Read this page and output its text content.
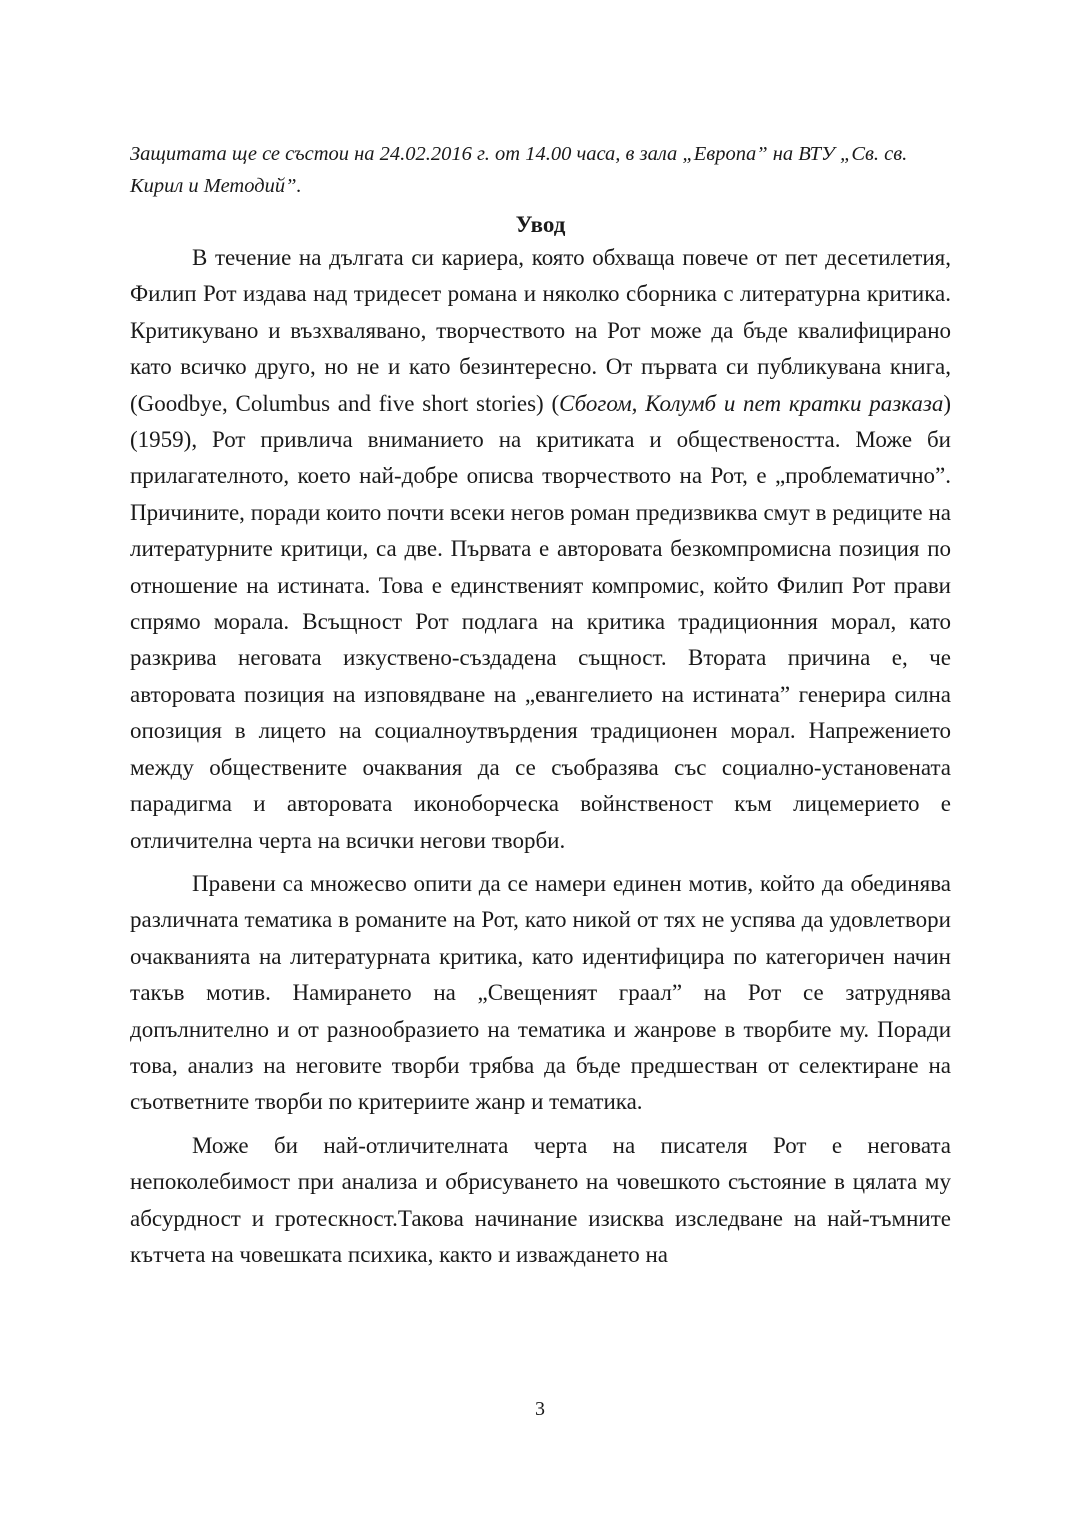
Защитата ще се състои на 24.02.2016 г. от 14.00 часа, в зала „Европа” на ВТУ „Св. св. Кирил и Методий”.

Увод

В течение на дългата си кариера, която обхваща повече от пет десетилетия, Филип Рот издава над тридесет романа и няколко сборника с литературна критика. Критикувано и възхвалявано, творчеството на Рот може да бъде квалифицирано като всичко друго, но не и като безинтересно. От първата си публикувана книга,(Goodbye, Columbus and five short stories) (Сбогом, Колумб и пет кратки разказа) (1959), Рот привлича вниманието на критиката и обществеността. Може би прилагателното, което най-добре описва творчеството на Рот, е „проблематично”. Причините, поради които почти всеки негов роман предизвиква смут в редиците на литературните критици, са две. Първата е авторовата безкомпромисна позиция по отношение на истината. Това е единственият компромис, който Филип Рот прави спрямо морала. Всъщност Рот подлага на критика традиционния морал, като разкрива неговата изкуствено-създадена същност. Втората причина е, че авторовата позиция на изповядване на „евангелието на истината” генерира силна опозиция в лицето на социалноутвърдения традиционен морал. Напрежението между обществените очаквания да се съобразява със социално-установената парадигма и авторовата иконоборческа войнственост към лицемерието е отличителна черта на всички негови творби.

Правени са множесво опити да се намери единен мотив, който да обединява различната тематика в романите на Рот, като никой от тях не успява да удовлетвори очакванията на литературната критика, като идентифицира по категоричен начин такъв мотив. Намирането на „Свещеният граал” на Рот се затруднява допълнително и от разнообразието на тематика и жанрове в творбите му. Поради това, анализ на неговите творби трябва да бъде предшестван от селектиране на съответните творби по критериите жанр и тематика.

Може би най-отличителната черта на писателя Рот е неговата непоколебимост при анализа и обрисуването на човешкото състояние в цялата му абсурдност и гротескност.Такова начинание изисква изследване на най-тъмните кътчета на човешката психика, както и изваждането на

3
